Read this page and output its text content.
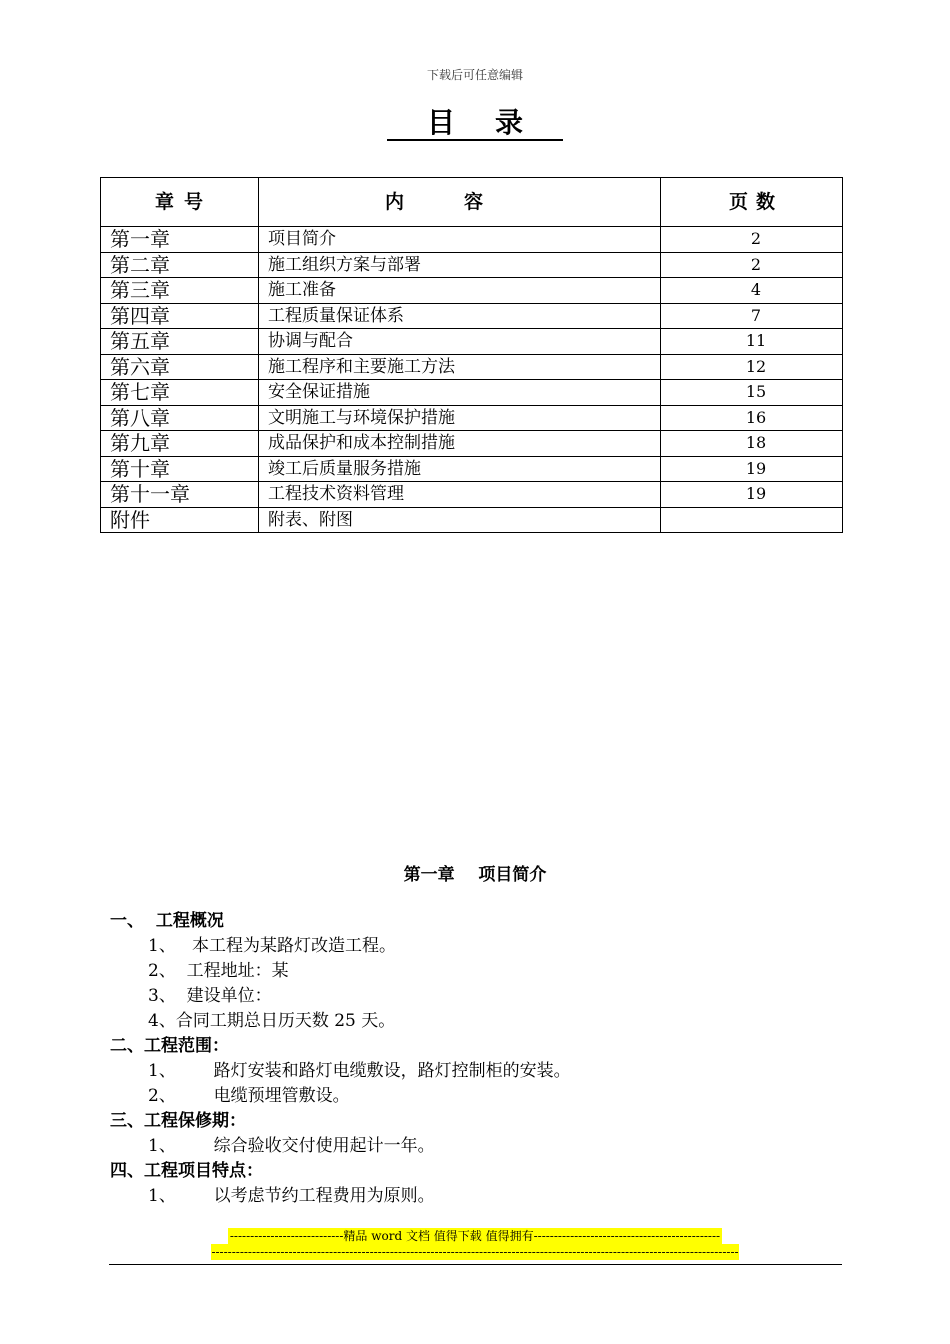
下载后可任意编辑
目录
章号	内容	页数
第一章	项目简介	2
第二章	施工组织方案与部署	2
第三章	施工准备	4
第四章	工程质量保证体系	7
第五章	协调与配合	11
第六章	施工程序和主要施工方法	12
第七章	安全保证措施	15
第八章	文明施工与环境保护措施	16
第九章	成品保护和成本控制措施	18
第十章	竣工后质量服务措施	19
第十一章	工程技术资料管理	19
附件	附表、附图	
第一章    项目简介
一、  工程概况
1、   本工程为某路灯改造工程。
2、  工程地址：某
3、  建设单位：
4、合同工期总日历天数 25 天。
二、工程范围：
1、       路灯安装和路灯电缆敷设，路灯控制柜的安装。
2、       电缆预埋管敷设。
三、工程保修期：
1、       综合验收交付使用起计一年。
四、工程项目特点：
1、       以考虑节约工程费用为原则。
----------------------------精品 word 文档 值得下载 值得拥有----------------------------------------------
----------------------------------------------------------------------------------------------------------------------------------
